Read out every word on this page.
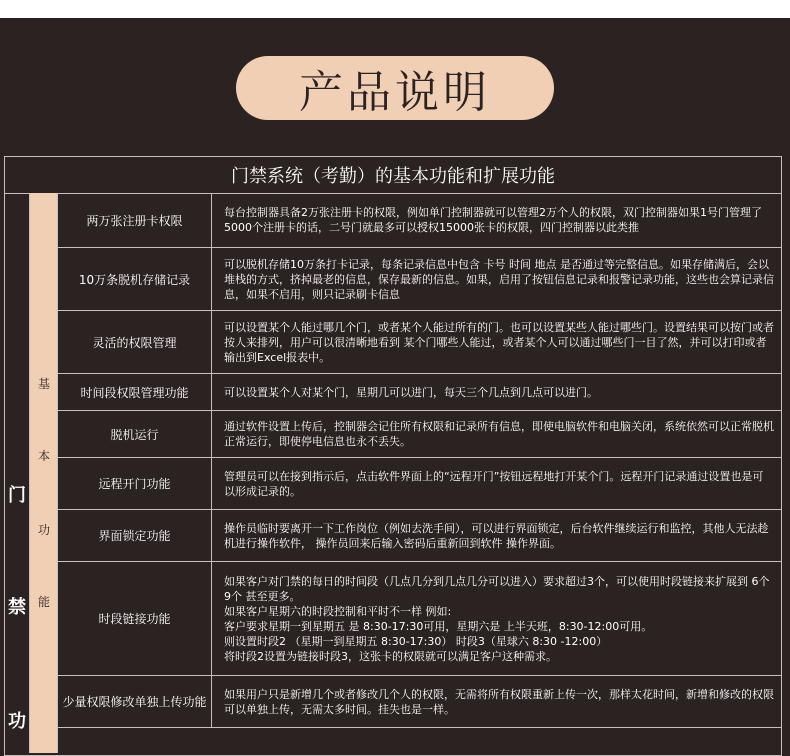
产品说明
门禁系统（考勤）的基本功能和扩展功能
门
禁
功
基
本
功
能
两万张注册卡权限
每台控制器具备2万张注册卡的权限，例如单门控制器就可以管理2万个人的权限，双门控制器如果1号门管理了5000个注册卡的话，二号门就最多可以授权15000张卡的权限，四门控制器以此类推
10万条脱机存储记录
可以脱机存储10万条打卡记录，每条记录信息中包含 卡号 时间 地点 是否通过等完整信息。如果存储满后，会以堆栈的方式，挤掉最老的信息，保存最新的信息。如果，启用了按钮信息记录和报警记录功能，这些也会算记录信息，如果不启用，则只记录刷卡信息
灵活的权限管理
可以设置某个人能过哪几个门，或者某个人能过所有的门。也可以设置某些人能过哪些门。设置结果可以按门或者按人来排列，用户可以很清晰地看到 某个门哪些人能过，或者某个人可以通过哪些门一目了然，并可以打印或者输出到Excel报表中。
时间段权限管理功能	可以设置某个人对某个门，星期几可以进门，每天三个几点到几点可以进门。
脱机运行
通过软件设置上传后，控制器会记住所有权限和记录所有信息，即使电脑软件和电脑关闭，系统依然可以正常脱机正常运行，即使停电信息也永不丢失。
远程开门功能
管理员可以在接到指示后，点击软件界面上的“远程开门”按钮远程地打开某个门。远程开门记录通过设置也是可以形成记录的。
界面锁定功能
操作员临时要离开一下工作岗位（例如去洗手间），可以进行界面锁定，后台软件继续运行和监控，其他人无法趁机进行操作软件， 操作员回来后输入密码后重新回到软件 操作界面。
时段链接功能
如果客户对门禁的每日的时间段（几点几分到几点几分可以进入）要求超过3个，可以使用时段链接来扩展到 6个 9个 甚至更多。
如果客户星期六的时段控制和平时不一样 例如:
客户要求星期一到星期五 是 8:30-17:30可用，星期六是 上半天班，8:30-12:00可用。
则设置时段2 （星期一到星期五 8:30-17:30） 时段3（星球六 8:30 -12:00）
将时段2设置为链接时段3，这张卡的权限就可以满足客户这种需求。
少量权限修改单独上传功能
如果用户只是新增几个或者修改几个人的权限，无需将所有权限重新上传一次，那样太花时间，新增和修改的权限可以单独上传，无需太多时间。挂失也是一样。
